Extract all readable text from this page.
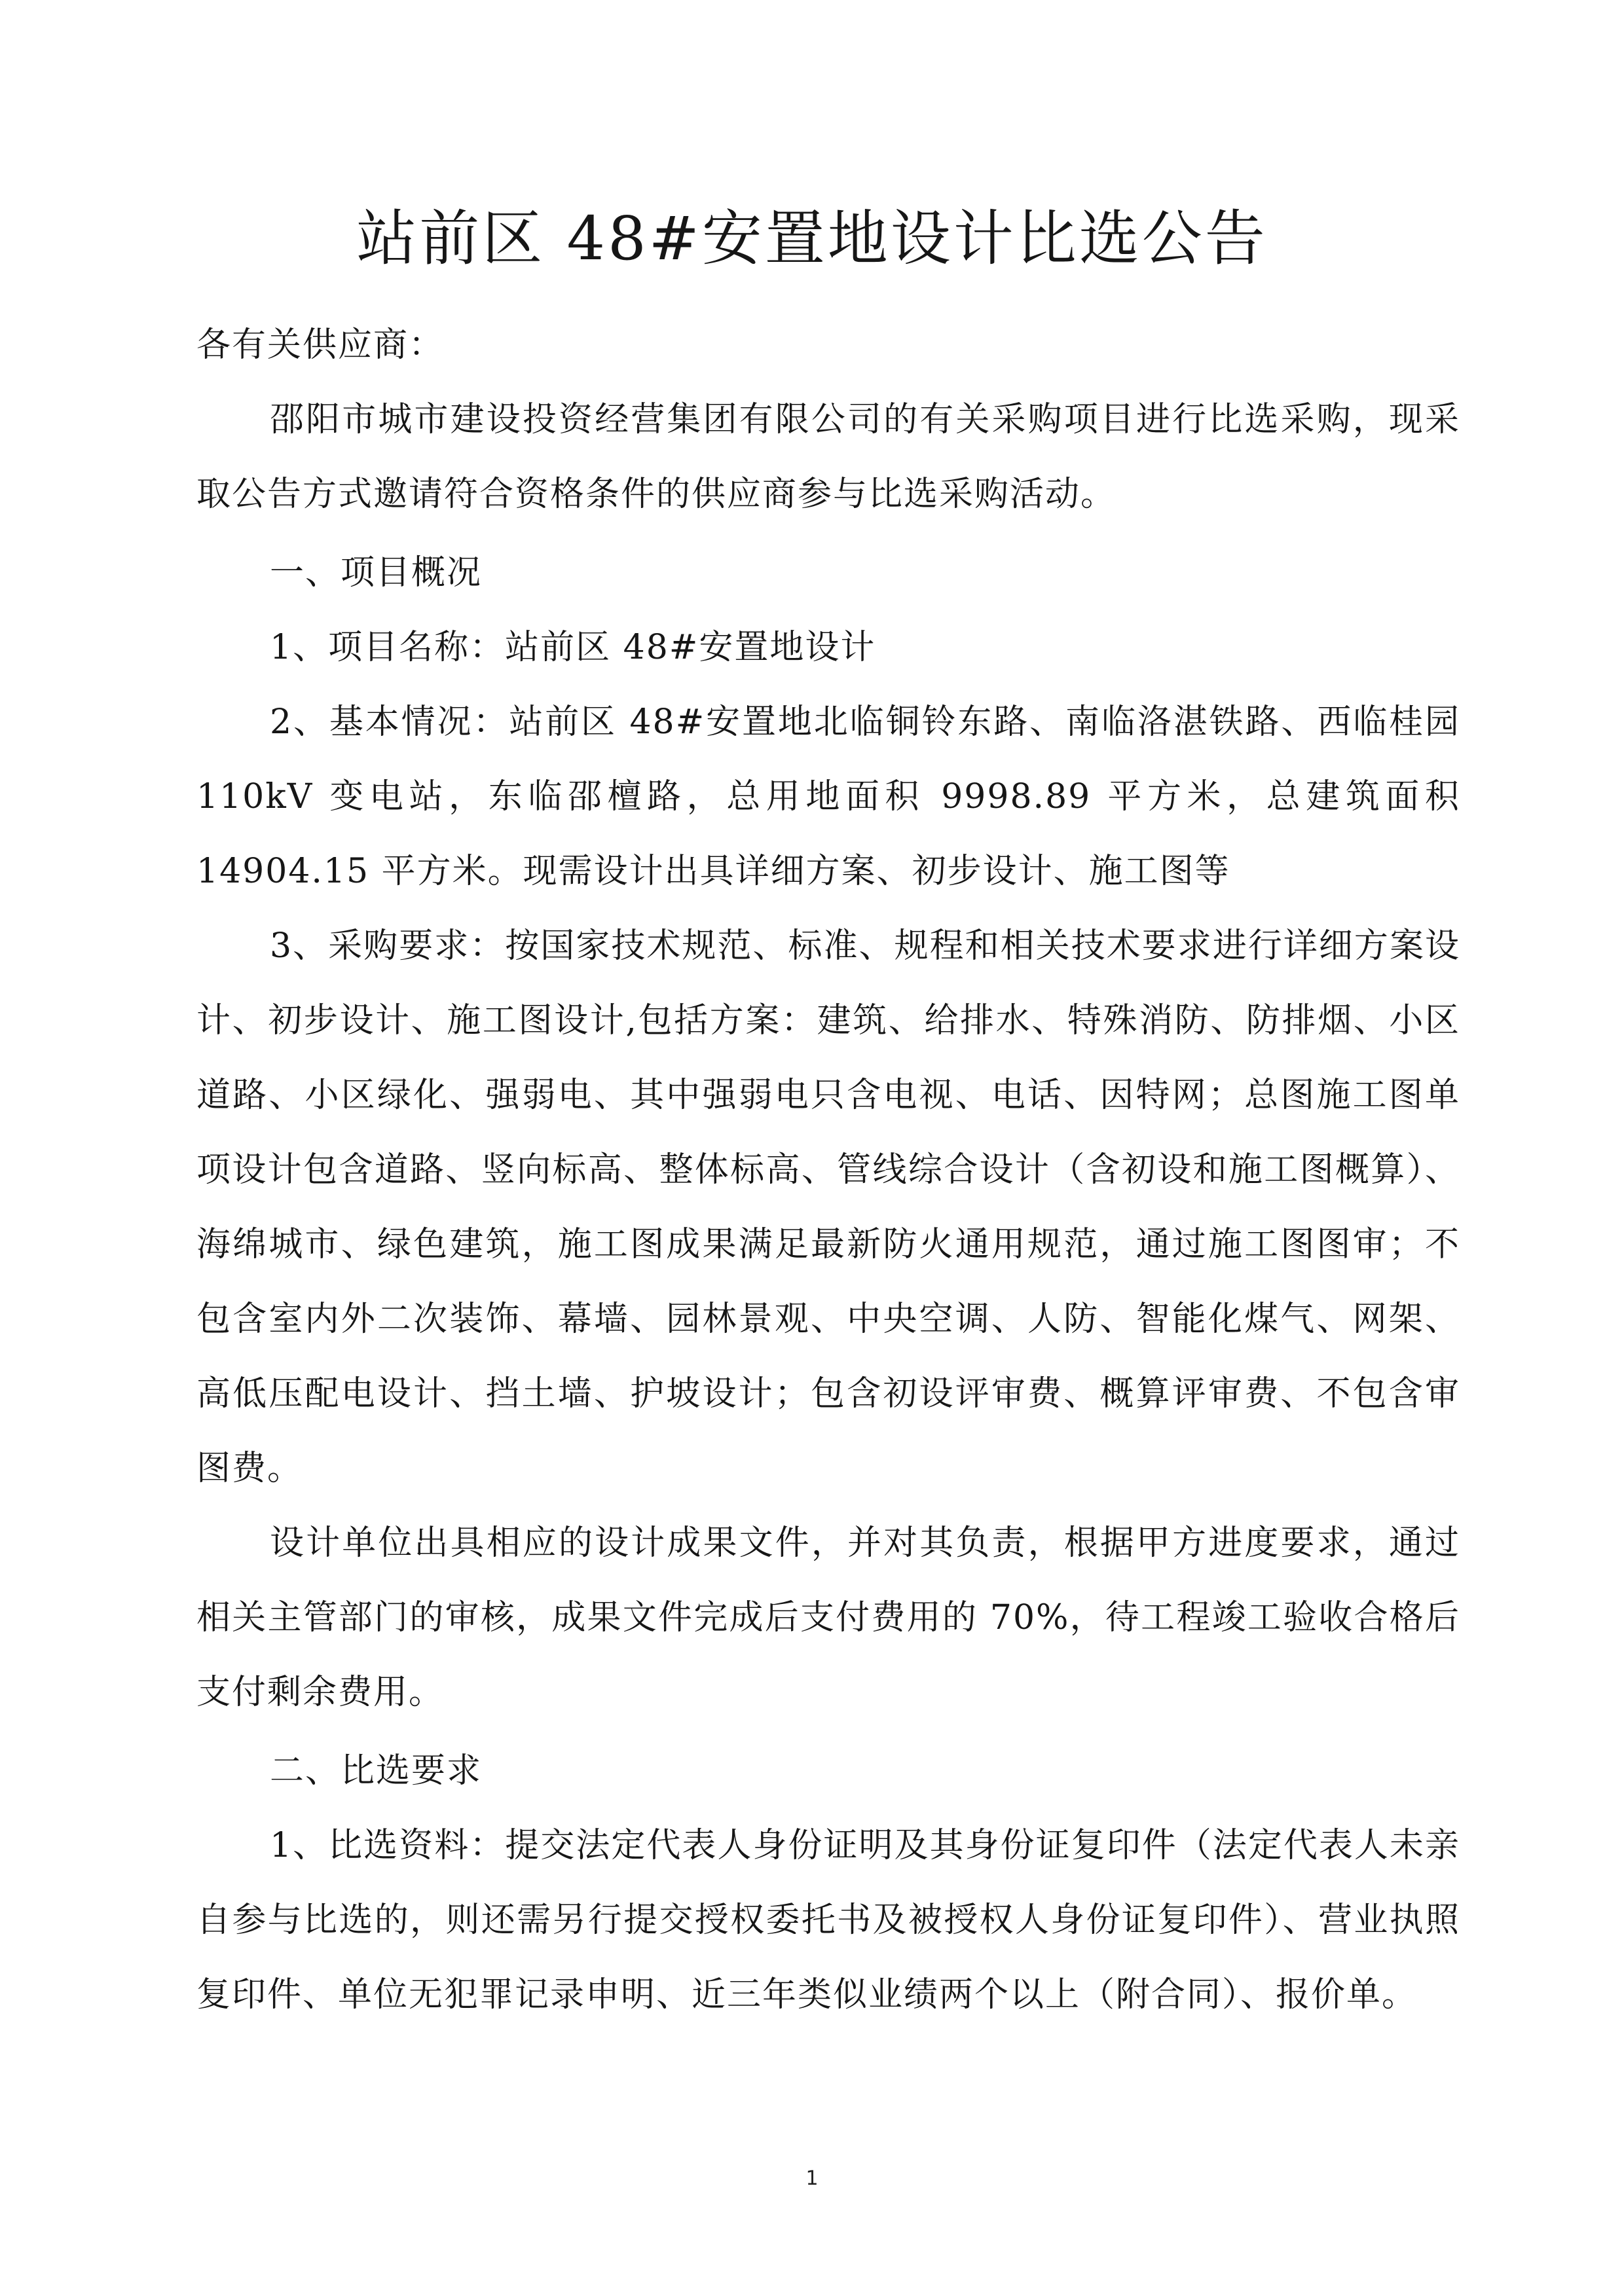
站前区 48#安置地设计比选公告

各有关供应商：

邵阳市城市建设投资经营集团有限公司的有关采购项目进行比选采购，现采取公告方式邀请符合资格条件的供应商参与比选采购活动。

一、项目概况

1、项目名称：站前区 48#安置地设计

2、基本情况：站前区 48#安置地北临铜铃东路、南临洛湛铁路、西临桂园 110kV 变电站，东临邵檀路，总用地面积 9998.89 平方米，总建筑面积 14904.15 平方米。现需设计出具详细方案、初步设计、施工图等

3、采购要求：按国家技术规范、标准、规程和相关技术要求进行详细方案设计、初步设计、施工图设计,包括方案：建筑、给排水、特殊消防、防排烟、小区道路、小区绿化、强弱电、其中强弱电只含电视、电话、因特网；总图施工图单项设计包含道路、竖向标高、整体标高、管线综合设计（含初设和施工图概算）、海绵城市、绿色建筑，施工图成果满足最新防火通用规范，通过施工图图审；不包含室内外二次装饰、幕墙、园林景观、中央空调、人防、智能化煤气、网架、高低压配电设计、挡土墙、护坡设计；包含初设评审费、概算评审费、不包含审图费。

设计单位出具相应的设计成果文件，并对其负责，根据甲方进度要求，通过相关主管部门的审核，成果文件完成后支付费用的 70%，待工程竣工验收合格后支付剩余费用。

二、比选要求

1、比选资料：提交法定代表人身份证明及其身份证复印件（法定代表人未亲自参与比选的，则还需另行提交授权委托书及被授权人身份证复印件）、营业执照复印件、单位无犯罪记录申明、近三年类似业绩两个以上（附合同）、报价单。

1
